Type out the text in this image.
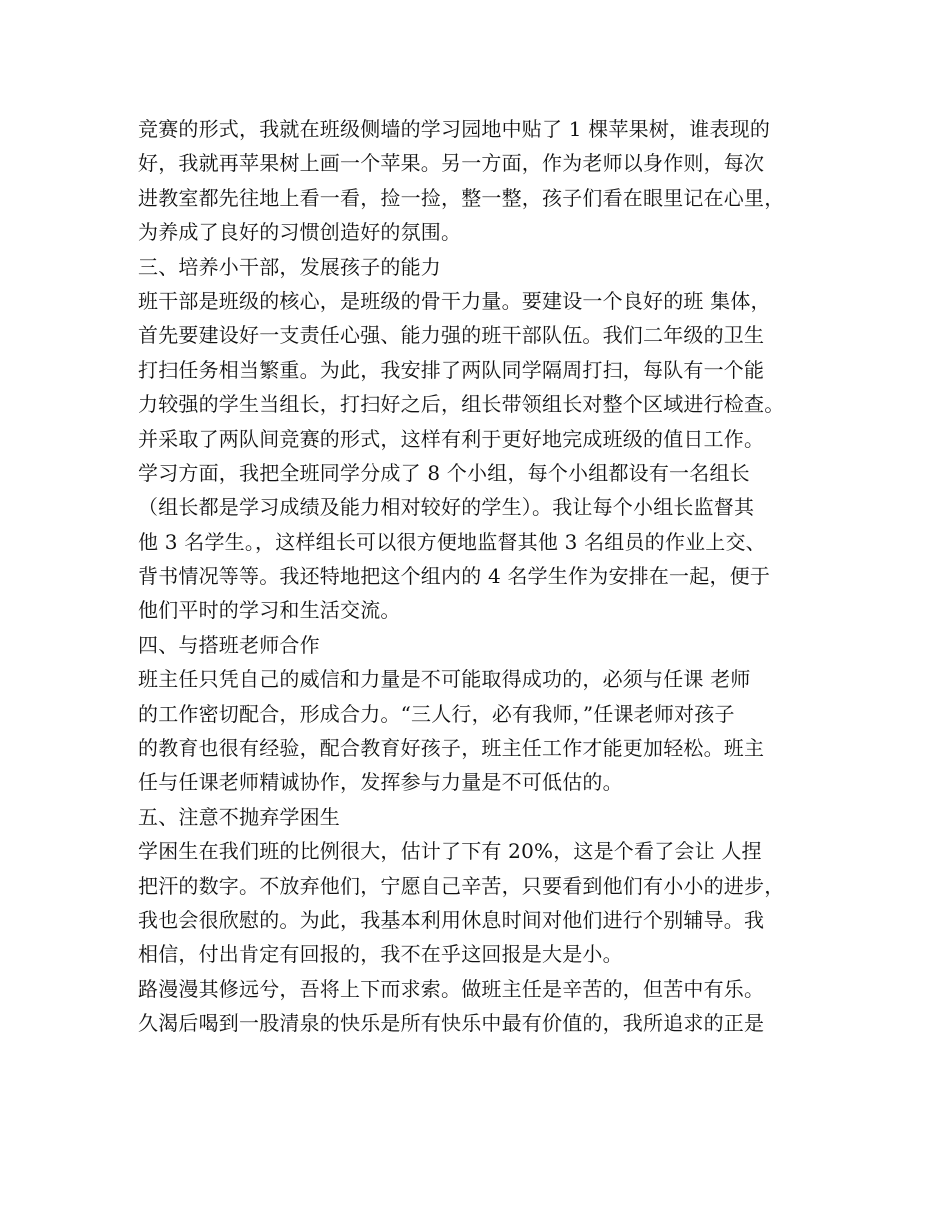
竞赛的形式，我就在班级侧墙的学习园地中贴了 1 棵苹果树，谁表现的
好，我就再苹果树上画一个苹果。另一方面，作为老师以身作则，每次
进教室都先往地上看一看，捡一捡，整一整，孩子们看在眼里记在心里，
为养成了良好的习惯创造好的氛围。
三、培养小干部，发展孩子的能力
班干部是班级的核心，是班级的骨干力量。要建设一个良好的班 集体，
首先要建设好一支责任心强、能力强的班干部队伍。我们二年级的卫生
打扫任务相当繁重。为此，我安排了两队同学隔周打扫，每队有一个能
力较强的学生当组长，打扫好之后，组长带领组长对整个区域进行检查。
并采取了两队间竞赛的形式，这样有利于更好地完成班级的值日工作。
学习方面，我把全班同学分成了 8 个小组，每个小组都设有一名组长
（组长都是学习成绩及能力相对较好的学生）。我让每个小组长监督其
他 3 名学生。，这样组长可以很方便地监督其他 3 名组员的作业上交、
背书情况等等。我还特地把这个组内的 4 名学生作为安排在一起，便于
他们平时的学习和生活交流。
四、与搭班老师合作
班主任只凭自己的威信和力量是不可能取得成功的，必须与任课 老师
的工作密切配合，形成合力。“三人行，必有我师，”任课老师对孩子
的教育也很有经验，配合教育好孩子，班主任工作才能更加轻松。班主
任与任课老师精诚协作，发挥参与力量是不可低估的。
五、注意不抛弃学困生
学困生在我们班的比例很大，估计了下有 20%，这是个看了会让 人捏
把汗的数字。不放弃他们，宁愿自己辛苦，只要看到他们有小小的进步，
我也会很欣慰的。为此，我基本利用休息时间对他们进行个别辅导。我
相信，付出肯定有回报的，我不在乎这回报是大是小。
路漫漫其修远兮，吾将上下而求索。做班主任是辛苦的，但苦中有乐。
久渴后喝到一股清泉的快乐是所有快乐中最有价值的，我所追求的正是
